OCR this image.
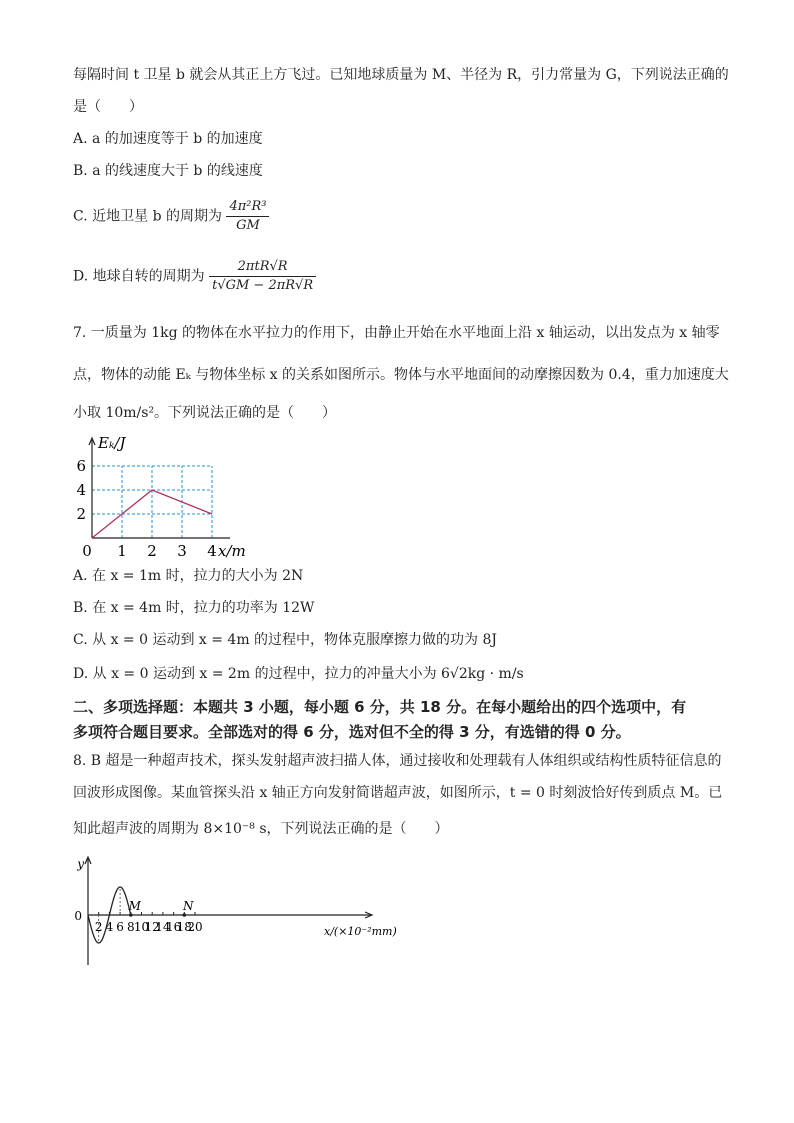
每隔时间 t 卫星 b 就会从其正上方飞过。已知地球质量为 M、半径为 R，引力常量为 G，下列说法正确的
是（　　）
A. a 的加速度等于 b 的加速度
B. a 的线速度大于 b 的线速度
C. 近地卫星 b 的周期为 $\frac{\text{4π²R³}}{GM}$
D. 地球自转的周期为 $\frac{\text{2πtR√R}}{t√GM - 2\pi R√R}$
7. 一质量为 1kg 的物体在水平拉力的作用下，由静止开始在水平地面上沿 x 轴运动，以出发点为 x 轴零
点，物体的动能 Eₖ 与物体坐标 x 的关系如图所示。物体与水平地面间的动摩擦因数为 0.4，重力加速度大
小取 10m/s²。下列说法正确的是（　　）
2
4
6
0 1 2 3 4 x/m
Eₖ/J
A. 在 x = 1m 时，拉力的大小为 2N
B. 在 x = 4m 时，拉力的功率为 12W
C. 从 x = 0 运动到 x = 4m 的过程中，物体克服摩擦力做的功为 8J
D. 从 x = 0 运动到 x = 2m 的过程中，拉力的冲量大小为 6√2kg · m/s
二、多项选择题：本题共 3 小题，每小题 6 分，共 18 分。在每小题给出的四个选项中，有
多项符合题目要求。全部选对的得 6 分，选对但不全的得 3 分，有选错的得 0 分。
8. B 超是一种超声技术，探头发射超声波扫描人体，通过接收和处理载有人体组织或结构性质特征信息的
回波形成图像。某血管探头沿 x 轴正方向发射简谐超声波，如图所示，t = 0 时刻波恰好传到质点 M。已
知此超声波的周期为 8×10⁻⁸ s，下列说法正确的是（　　）
y
0
2 4 6 8 10
12
14
16
18
20	x/(×10⁻²mm)
M	N
